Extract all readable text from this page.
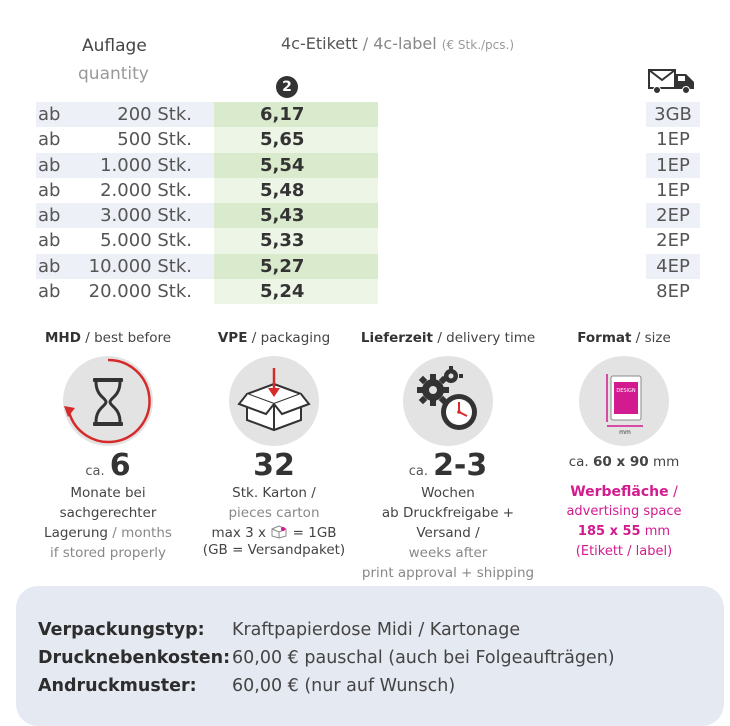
Auflage
quantity
4c-Etikett / 4c-label (€ Stk./pcs.)
2
ab	200 Stk.	6,17	3GB
ab	500 Stk.	5,65	1EP
ab	1.000 Stk.	5,54	1EP
ab	2.000 Stk.	5,48	1EP
ab	3.000 Stk.	5,43	2EP
ab	5.000 Stk.	5,33	2EP
ab	10.000 Stk.	5,27	4EP
ab	20.000 Stk.	5,24	8EP
MHD / best before
ca. 6
Monate bei
sachgerechter
Lagerung / months
if stored properly
VPE / packaging
32
Stk. Karton /
pieces carton
max 3 x = 1GB
(GB = Versandpaket)
Lieferzeit / delivery time
ca. 2-3
Wochen
ab Druckfreigabe + Versand /
weeks after
print approval + shipping
Format / size
DESIGN
mm
ca. 60 x 90 mm
Werbefläche /
advertising space
185 x 55 mm
(Etikett / label)
Verpackungstyp: Kraftpapierdose Midi / Kartonage
Drucknebenkosten: 60,00 € pauschal (auch bei Folgeaufträgen)
Andruckmuster: 60,00 € (nur auf Wunsch)
